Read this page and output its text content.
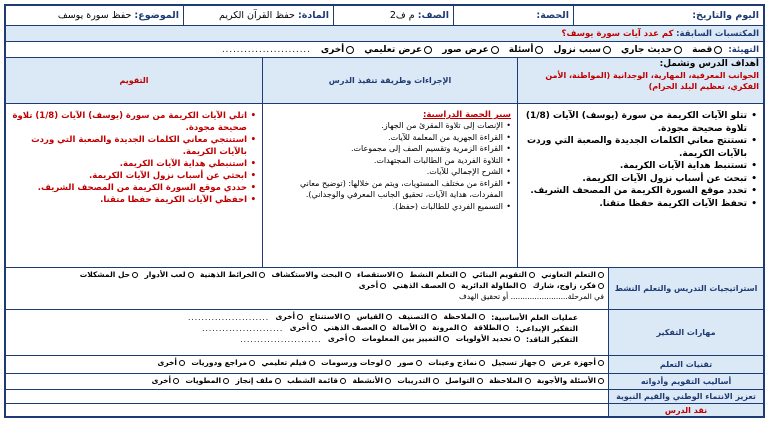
اليوم والتاريخ:
الحصة:
الصف: م ف2
المادة: حفظ القرآن الكريم
الموضوع: حفظ سورة يوسف
المكتسبات السابقة: كم عدد آيات سورة يوسف؟
التهيئة:
قصة
حديث جاري
سبب نزول
أسئلة
عرض صور
عرض تعليمي
أخرى
........................
أهداف الدرس وتشمل:
الجوانب المعرفية، المهارية، الوجدانية (المواطنة، الأمن الفكري، تعظيم البلد الحرام)
الإجراءات وطريقة تنفيذ الدرس
التقويم
• تتلو الآيات الكريمة من سورة (يوسف) الآيات (1/8) تلاوة صحيحة مجودة.
• تستنتج معاني الكلمات الجديدة والصعبة التي وردت بالآيات الكريمة.
• تستنبط هداية الآيات الكريمة.
• تبحث عن أسباب نزول الآيات الكريمة.
• تحدد موقع السورة الكريمة من المصحف الشريف.
• تحفظ الآيات الكريمة حفظا متقنا.
سير الحصة الدراسية:
• الإنصات إلى تلاوة المقرئ من الجهاز.
• القراءة الجهرية من المعلمة للآيات.
• القراءة الزمرية وتقسيم الصف إلى مجموعات.
• التلاوة الفردية من الطالبات المجتهدات.
• الشرح الإجمالي للآيات.
• القراءة من مختلف المستويات، ويتم من خلالها: (توضيح معاني المفردات، هداية الآيات، تحقيق الجانب المعرفي والوجداني).
• التسميع الفردي للطالبات (حفظ).
• اتلي الآيات الكريمة من سورة (يوسف) الآيات (1/8) تلاوة صحيحة مجودة.
• استنتجي معاني الكلمات الجديدة والصعبة التي وردت بالآيات الكريمة.
• استنبطي هداية الآيات الكريمة.
• ابحثي عن أسباب نزول الآيات الكريمة.
• حددي موقع السورة الكريمة من المصحف الشريف.
• احفظي الآيات الكريمة حفظا متقنا.
استراتيجيات التدريس والتعلم النشط
التعلم التعاوني

التقويم البنائي

التعلم النشط

الاستقصاء

البحث والاستكشاف

الخرائط الذهنية

لعب الأدوار

حل المشكلات

فكر، زاوج، شارك

الطاولة الدائرية

العصف الذهني

أخرى
في المرحلة........................ أو تحقيق الهدف
مهارات التفكير
عمليات العلم الأساسية:
الملاحظة

التصنيف

القياس

الاستنتاج

أخرى
........................
التفكير الإبداعي:
الطلاقة

المرونة

الأصالة

العصف الذهني

أخرى
........................
التفكير الناقد:
تحديد الأولويات

التمييز بين المعلومات

أخرى
........................
تقنيات التعلم
أجهزة عرض

جهاز تسجيل

نماذج وعينات

صور

لوحات ورسومات

فيلم تعليمي

مراجع ودوريات

أخرى
أساليب التقويم وأدواته
الأسئلة والأجوبة

الملاحظة

التواصل

التدريبات

الأنشطة

قائمة الشطب

ملف إنجاز

المطويات

أخرى
تعزيز الانتماء الوطني والقيم النبوية
نقد الدرس
